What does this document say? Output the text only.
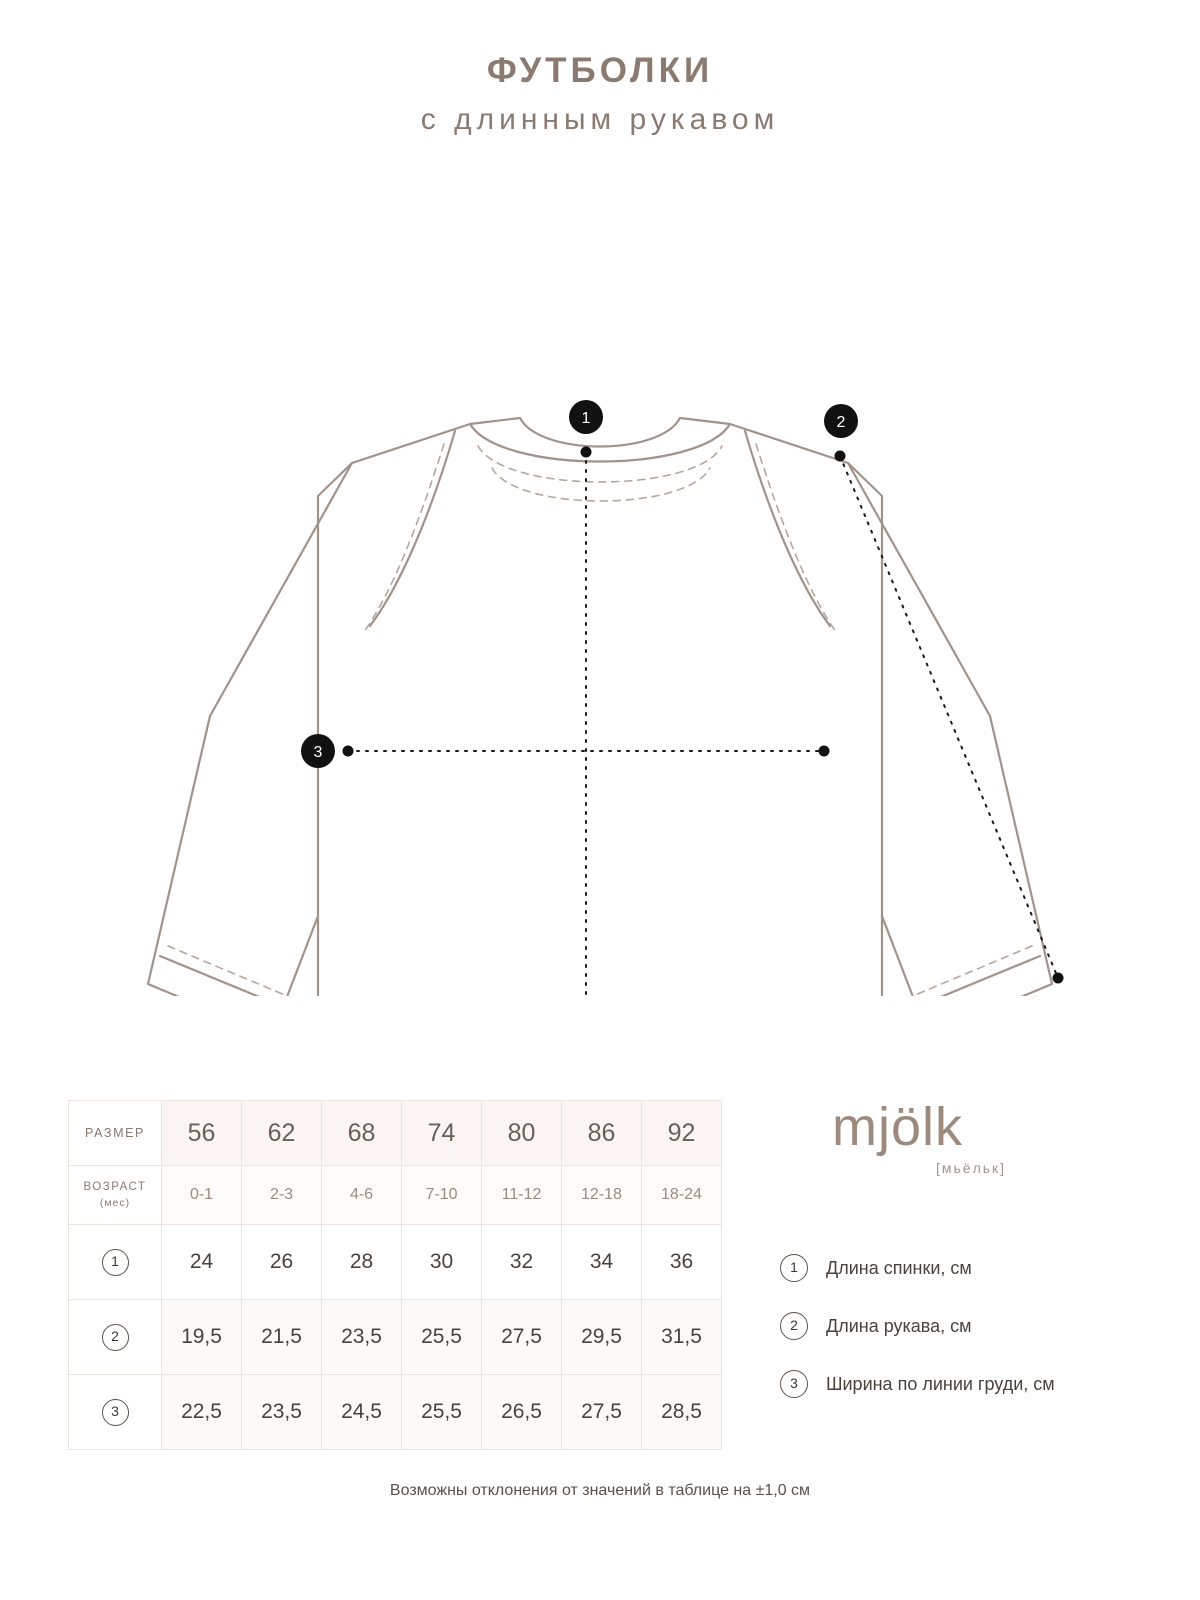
ФУТБОЛКИ
с длинным рукавом
1	2
3
РАЗМЕР	56	62	68	74	80	86	92
ВОЗРАСТ
(мес)	0-1	2-3	4-6	7-10	11-12	12-18	18-24
1	24	26	28	30	32	34	36
2	19,5	21,5	23,5	25,5	27,5	29,5	31,5
3	22,5	23,5	24,5	25,5	26,5	27,5	28,5
mjölk
[мьёльк]
1	Длина спинки, см
2	Длина рукава, см
3	Ширина по линии груди, см
Возможны отклонения от значений в таблице на ±1,0 см
